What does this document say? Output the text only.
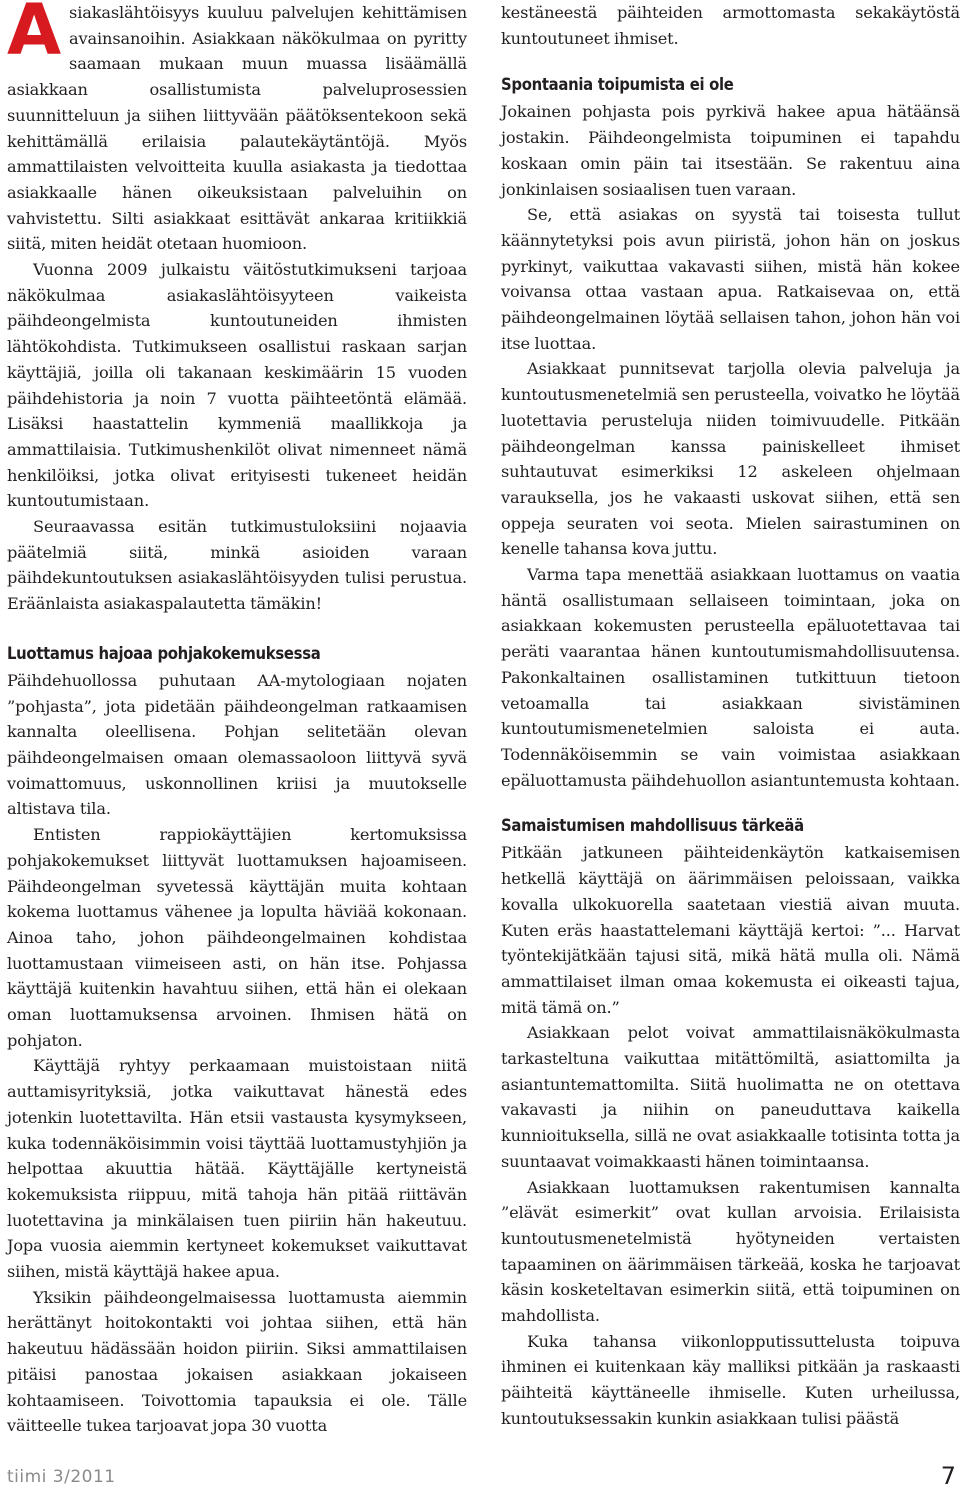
Asiakaslähtöisyys kuuluu palvelujen kehittämisen avainsanoihin. Asiakkaan näkökulmaa on pyritty saamaan mukaan muun muassa lisäämällä asiakkaan osallistumista palveluprosessien suunnitteluun ja siihen liittyvään päätöksentekoon sekä kehittämällä erilaisia palautekäytäntöjä. Myös ammattilaisten velvoitteita kuulla asiakasta ja tiedottaa asiakkaalle hänen oikeuksistaan palveluihin on vahvistettu. Silti asiakkaat esittävät ankaraa kritiikkiä siitä, miten heidät otetaan huomioon.

Vuonna 2009 julkaistu väitöstutkimukseni tarjoaa näkökulmaa asiakaslähtöisyyteen vaikeista päihdeongelmista kuntoutuneiden ihmisten lähtökohdista. Tutkimukseen osallistui raskaan sarjan käyttäjiä, joilla oli takanaan keskimäärin 15 vuoden päihdehistoria ja noin 7 vuotta päihteetöntä elämää. Lisäksi haastattelin kymmeniä maallikkoja ja ammattilaisia. Tutkimushenkilöt olivat nimenneet nämä henkilöiksi, jotka olivat erityisesti tukeneet heidän kuntoutumistaan.

Seuraavassa esitän tutkimustuloksiini nojaavia päätelmiä siitä, minkä asioiden varaan päihdekuntoutuksen asiakaslähtöisyyden tulisi perustua. Eräänlaista asiakaspalautetta tämäkin!

Luottamus hajoaa pohjakokemuksessa

Päihdehuollossa puhutaan AA-mytologiaan nojaten ”pohjasta”, jota pidetään päihdeongelman ratkaamisen kannalta oleellisena. Pohjan selitetään olevan päihdeongelmaisen omaan olemassaoloon liittyvä syvä voimattomuus, uskonnollinen kriisi ja muutokselle altistava tila.

Entisten rappiokäyttäjien kertomuksissa pohjakokemukset liittyvät luottamuksen hajoamiseen. Päihdeongelman syvetessä käyttäjän muita kohtaan kokema luottamus vähenee ja lopulta häviää kokonaan. Ainoa taho, johon päihdeongelmainen kohdistaa luottamustaan viimeiseen asti, on hän itse. Pohjassa käyttäjä kuitenkin havahtuu siihen, että hän ei olekaan oman luottamuksensa arvoinen. Ihmisen hätä on pohjaton.

Käyttäjä ryhtyy perkaamaan muistoistaan niitä auttamisyrityksiä, jotka vaikuttavat hänestä edes jotenkin luotettavilta. Hän etsii vastausta kysymykseen, kuka todennäköisimmin voisi täyttää luottamustyhjiön ja helpottaa akuuttia hätää. Käyttäjälle kertyneistä kokemuksista riippuu, mitä tahoja hän pitää riittävän luotettavina ja minkälaisen tuen piiriin hän hakeutuu. Jopa vuosia aiemmin kertyneet kokemukset vaikuttavat siihen, mistä käyttäjä hakee apua.

Yksikin päihdeongelmaisessa luottamusta aiemmin herättänyt hoitokontakti voi johtaa siihen, että hän hakeutuu hädässään hoidon piiriin. Siksi ammattilaisen pitäisi panostaa jokaisen asiakkaan jokaiseen kohtaamiseen. Toivottomia tapauksia ei ole. Tälle väitteelle tukea tarjoavat jopa 30 vuotta

kestäneestä päihteiden armottomasta sekakäytöstä kuntoutuneet ihmiset.

Spontaania toipumista ei ole

Jokainen pohjasta pois pyrkivä hakee apua hätäänsä jostakin. Päihdeongelmista toipuminen ei tapahdu koskaan omin päin tai itsestään. Se rakentuu aina jonkinlaisen sosiaalisen tuen varaan.

Se, että asiakas on syystä tai toisesta tullut käännytetyksi pois avun piiristä, johon hän on joskus pyrkinyt, vaikuttaa vakavasti siihen, mistä hän kokee voivansa ottaa vastaan apua. Ratkaisevaa on, että päihdeongelmainen löytää sellaisen tahon, johon hän voi itse luottaa.

Asiakkaat punnitsevat tarjolla olevia palveluja ja kuntoutusmenetelmiä sen perusteella, voivatko he löytää luotettavia perusteluja niiden toimivuudelle. Pitkään päihdeongelman kanssa painiskelleet ihmiset suhtautuvat esimerkiksi 12 askeleen ohjelmaan varauksella, jos he vakaasti uskovat siihen, että sen oppeja seuraten voi seota. Mielen sairastuminen on kenelle tahansa kova juttu.

Varma tapa menettää asiakkaan luottamus on vaatia häntä osallistumaan sellaiseen toimintaan, joka on asiakkaan kokemusten perusteella epäluotettavaa tai peräti vaarantaa hänen kuntoutumismahdollisuutensa. Pakonkaltainen osallistaminen tutkittuun tietoon vetoamalla tai asiakkaan sivistäminen kuntoutumismenetelmien saloista ei auta. Todennäköisemmin se vain voimistaa asiakkaan epäluottamusta päihdehuollon asiantuntemusta kohtaan.

Samaistumisen mahdollisuus tärkeää

Pitkään jatkuneen päihteidenkäytön katkaisemisen hetkellä käyttäjä on äärimmäisen peloissaan, vaikka kovalla ulkokuorella saatetaan viestiä aivan muuta. Kuten eräs haastattelemani käyttäjä kertoi: ”... Harvat työntekijätkään tajusi sitä, mikä hätä mulla oli. Nämä ammattilaiset ilman omaa kokemusta ei oikeasti tajua, mitä tämä on.”

Asiakkaan pelot voivat ammattilaisnäkökulmasta tarkasteltuna vaikuttaa mitättömiltä, asiattomilta ja asiantuntemattomilta. Siitä huolimatta ne on otettava vakavasti ja niihin on paneuduttava kaikella kunnioituksella, sillä ne ovat asiakkaalle totisinta totta ja suuntaavat voimakkaasti hänen toimintaansa.

Asiakkaan luottamuksen rakentumisen kannalta ”elävät esimerkit” ovat kullan arvoisia. Erilaisista kuntoutusmenetelmistä hyötyneiden vertaisten tapaaminen on äärimmäisen tärkeää, koska he tarjoavat käsin kosketeltavan esimerkin siitä, että toipuminen on mahdollista.

Kuka tahansa viikonlopputissuttelusta toipuva ihminen ei kuitenkaan käy malliksi pitkään ja raskaasti päihteitä käyttäneelle ihmiselle. Kuten urheilussa, kuntoutuksessakin kunkin asiakkaan tulisi päästä

tiimi 3/2011	7
